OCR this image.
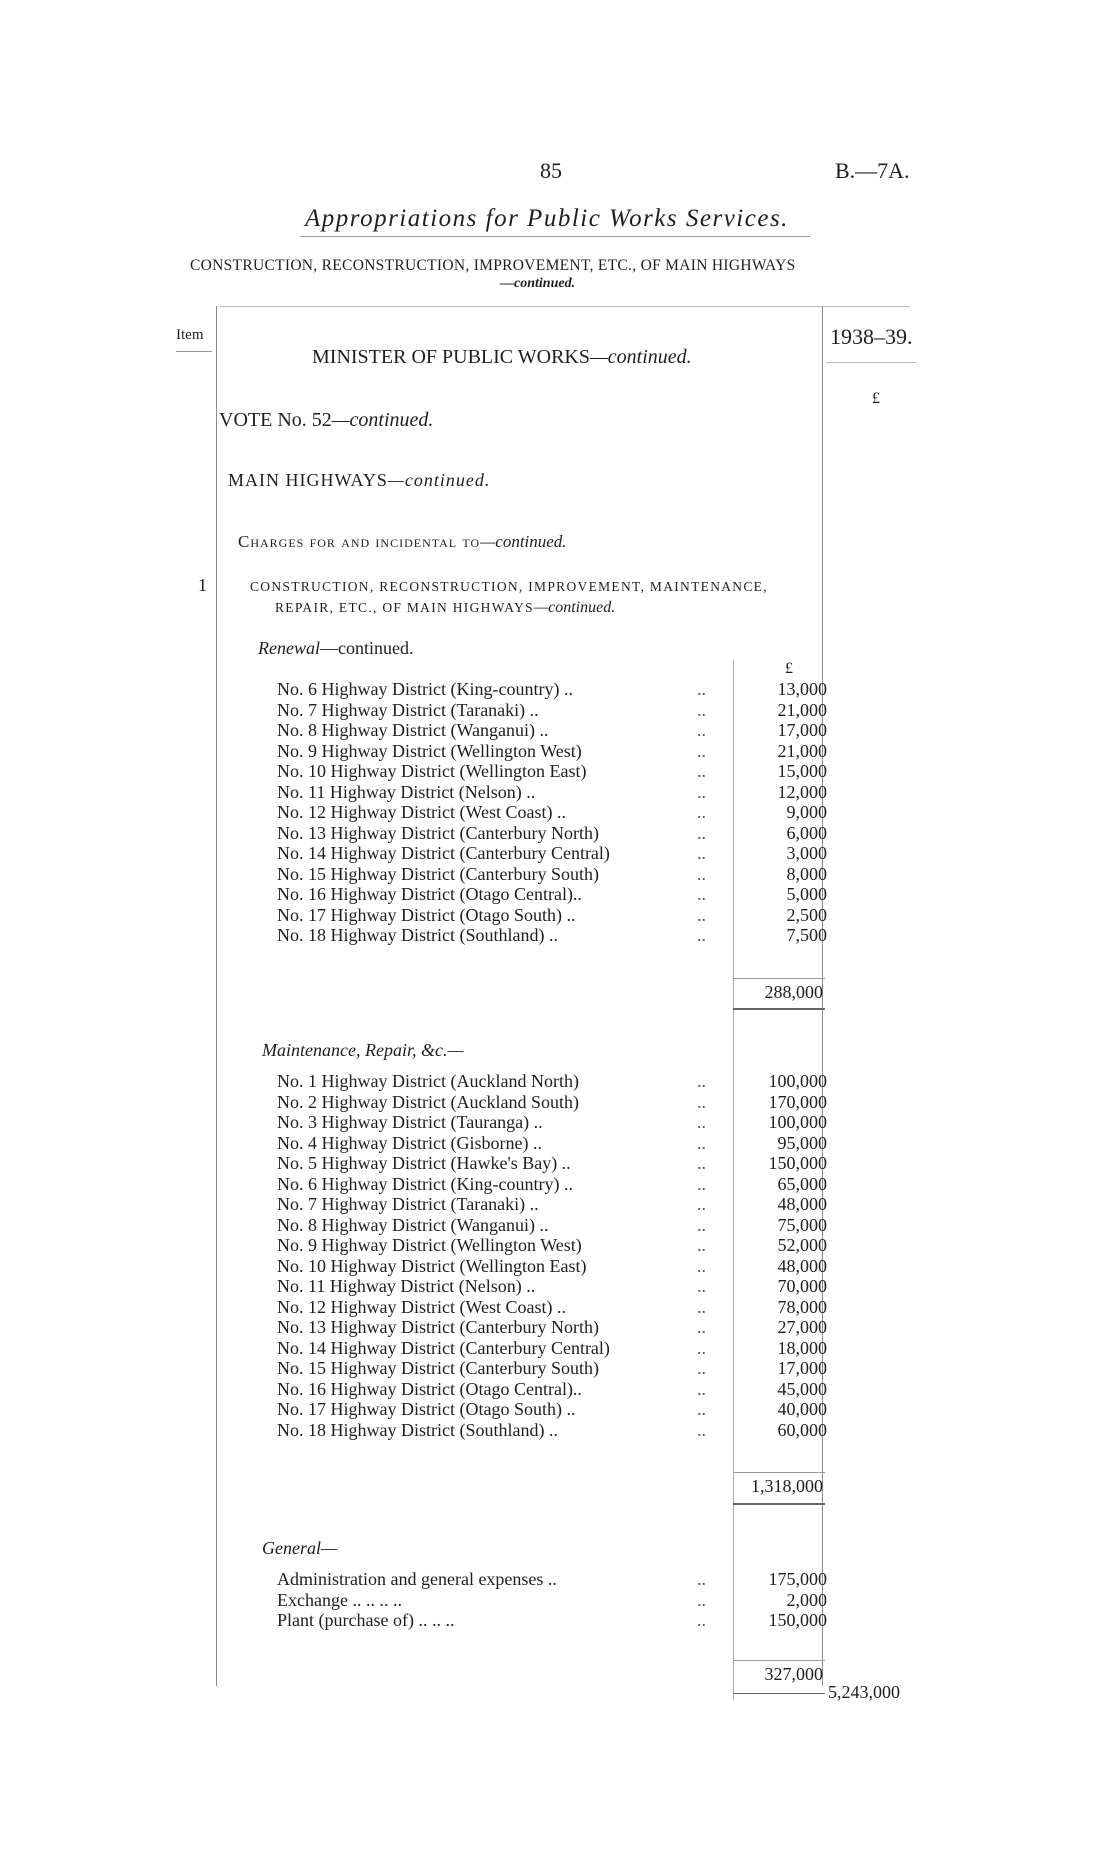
85	B.—7A.
Appropriations for Public Works Services.
CONSTRUCTION, RECONSTRUCTION, IMPROVEMENT, ETC., OF MAIN HIGHWAYS
—continued.
Item	1938–39.
£
MINISTER OF PUBLIC WORKS—continued.
VOTE No. 52—continued.
MAIN HIGHWAYS—continued.
Charges for and incidental to—continued.
1	CONSTRUCTION, RECONSTRUCTION, IMPROVEMENT, MAINTENANCE,
REPAIR, ETC., OF MAIN HIGHWAYS—continued.
Renewal—continued.
£
No. 6 Highway District (King-country) ..	..	13,000
No. 7 Highway District (Taranaki) ..	..	21,000
No. 8 Highway District (Wanganui) ..	..	17,000
No. 9 Highway District (Wellington West)	..	21,000
No. 10 Highway District (Wellington East)	..	15,000
No. 11 Highway District (Nelson) ..	..	12,000
No. 12 Highway District (West Coast) ..	..	9,000
No. 13 Highway District (Canterbury North)	..	6,000
No. 14 Highway District (Canterbury Central)	..	3,000
No. 15 Highway District (Canterbury South)	..	8,000
No. 16 Highway District (Otago Central)..	..	5,000
No. 17 Highway District (Otago South) ..	..	2,500
No. 18 Highway District (Southland) ..	..	7,500
288,000
Maintenance, Repair, &c.—
No. 1 Highway District (Auckland North)	..	100,000
No. 2 Highway District (Auckland South)	..	170,000
No. 3 Highway District (Tauranga) ..	..	100,000
No. 4 Highway District (Gisborne) ..	..	95,000
No. 5 Highway District (Hawke's Bay) ..	..	150,000
No. 6 Highway District (King-country) ..	..	65,000
No. 7 Highway District (Taranaki) ..	..	48,000
No. 8 Highway District (Wanganui) ..	..	75,000
No. 9 Highway District (Wellington West)	..	52,000
No. 10 Highway District (Wellington East)	..	48,000
No. 11 Highway District (Nelson) ..	..	70,000
No. 12 Highway District (West Coast) ..	..	78,000
No. 13 Highway District (Canterbury North)	..	27,000
No. 14 Highway District (Canterbury Central)	..	18,000
No. 15 Highway District (Canterbury South)	..	17,000
No. 16 Highway District (Otago Central)..	..	45,000
No. 17 Highway District (Otago South) ..	..	40,000
No. 18 Highway District (Southland) ..	..	60,000
1,318,000
General—
Administration and general expenses ..	..	175,000
Exchange .. .. .. ..	..	2,000
Plant (purchase of) .. .. ..	..	150,000
327,000
5,243,000
